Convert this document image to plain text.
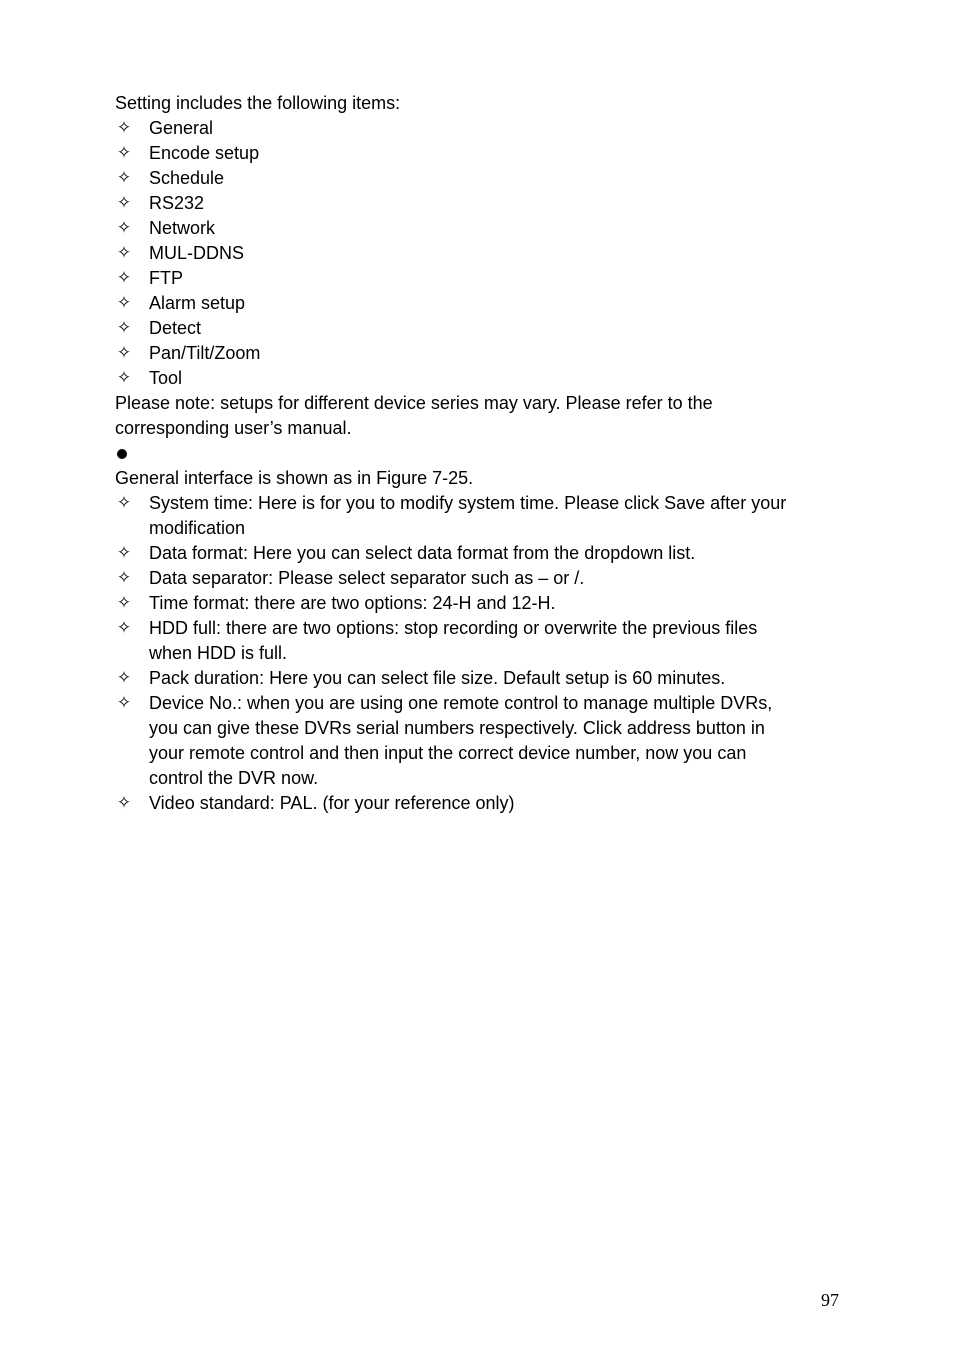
Setting includes the following items:
✧ General
✧ Encode setup
✧ Schedule
✧ RS232
✧ Network
✧ MUL-DDNS
✧ FTP
✧ Alarm setup
✧ Detect
✧ Pan/Tilt/Zoom
✧ Tool
Please note: setups for different device series may vary. Please refer to the
corresponding user’s manual.
General interface is shown as in Figure 7-25.
✧ System time: Here is for you to modify system time. Please click Save after your
modification
✧ Data format: Here you can select data format from the dropdown list.
✧ Data separator: Please select separator such as – or /.
✧ Time format: there are two options: 24-H and 12-H.
✧ HDD full: there are two options: stop recording or overwrite the previous files
when HDD is full.
✧ Pack duration: Here you can select file size. Default setup is 60 minutes.
✧ Device No.: when you are using one remote control to manage multiple DVRs,
you can give these DVRs serial numbers respectively. Click address button in
your remote control and then input the correct device number, now you can
control the DVR now.
✧ Video standard: PAL. (for your reference only)
97
